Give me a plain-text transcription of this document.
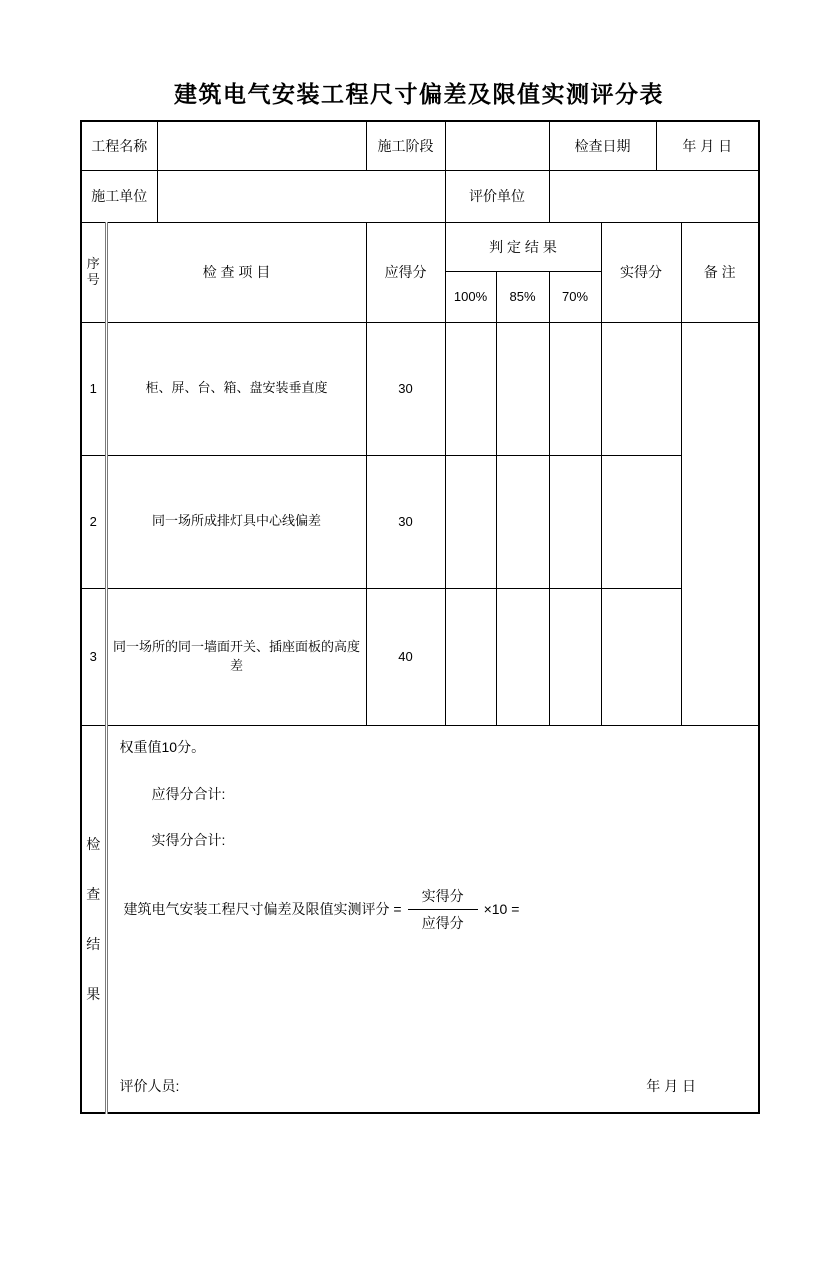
建筑电气安装工程尺寸偏差及限值实测评分表
工程名称			施工阶段			检查日期		年 月 日	
施工单位				评价单位					
序号	检 查 项 目		应得分	判 定 结 果			实得分		备 注
				100%	85%	70%			
1	柜、屏、台、箱、盘安装垂直度		30						
2	同一场所成排灯具中心线偏差		30						
3	同一场所的同一墙面开关、插座面板的高度差		40						

检
查
结
果

权重值10分。
应得分合计:
实得分合计:
建筑电气安装工程尺寸偏差及限值实测评分 = $\frac{\text{实得分}}{\text{应得分}} \times 10$ =
评价人员:	年 月 日
